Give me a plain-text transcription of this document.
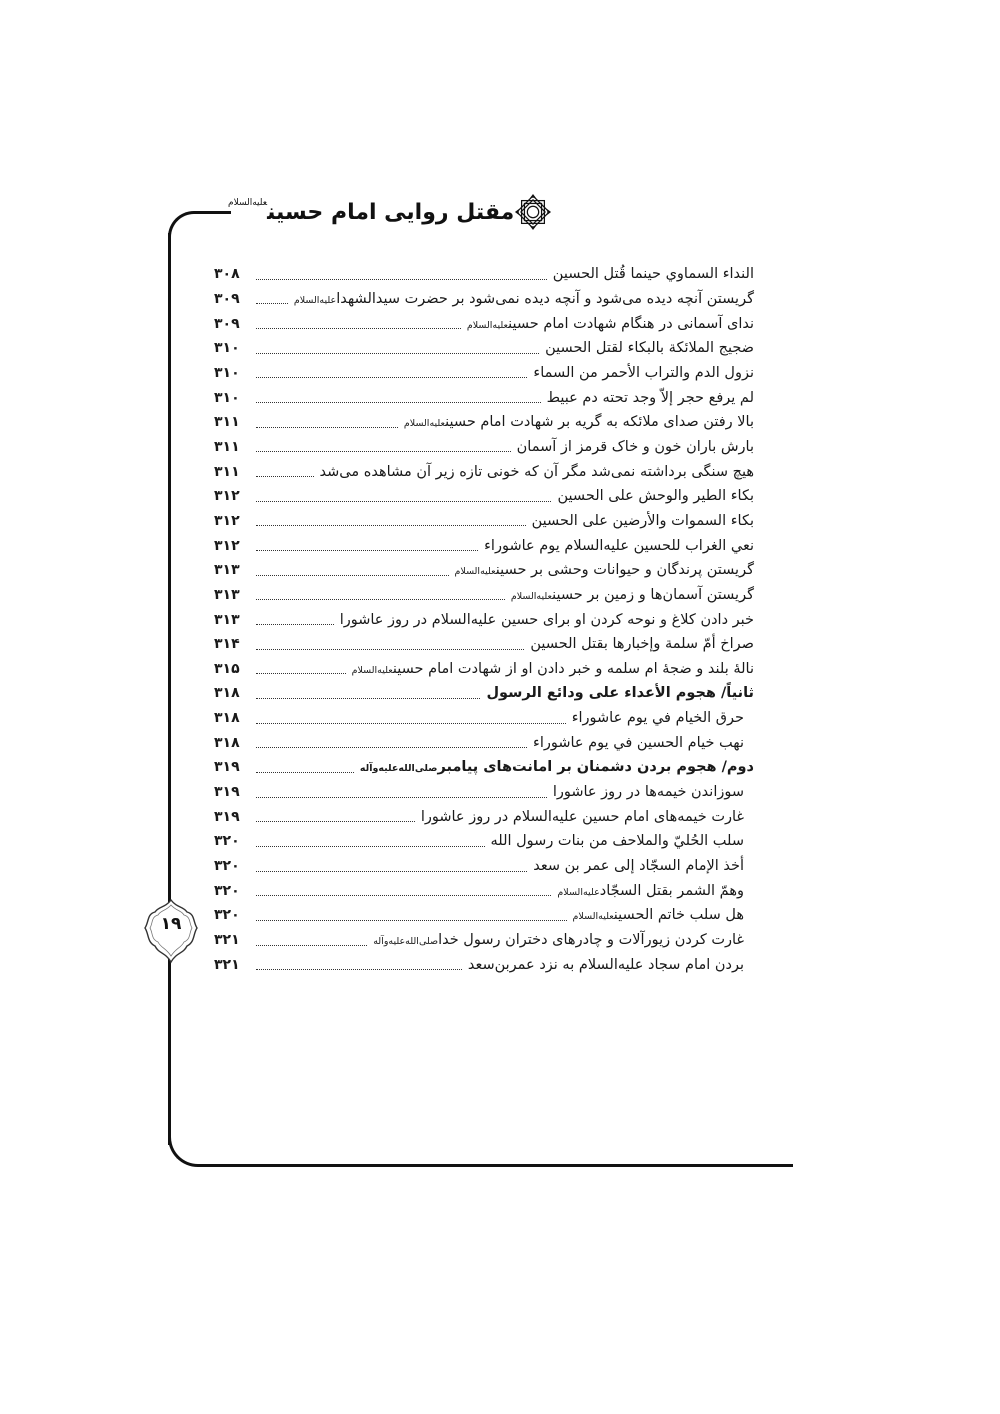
مقتل روایی امام حسین$^{علیه‌السلام}$
النداء السماوي حينما قُتل الحسين
۳۰۸
گریستن آنچه دیده می‌شود و آنچه دیده نمی‌شود بر حضرت سیدالشهداعلیه‌السلام
۳۰۹
ندای آسمانی در هنگام شهادت امام حسینعلیه‌السلام
۳۰۹
ضجيج الملائكة بالبكاء لقتل الحسين
۳۱۰
نزول الدم والتراب الأحمر من السماء
۳۱۰
لم يرفع حجر إلاّ وجد تحته دم عبيط
۳۱۰
بالا رفتن صدای ملائکه به گریه بر شهادت امام حسینعلیه‌السلام
۳۱۱
بارش باران خون و خاک قرمز از آسمان
۳۱۱
هیچ سنگی برداشته نمی‌شد مگر آن که خونی تازه زیر آن مشاهده می‌شد
۳۱۱
بكاء الطير والوحش على الحسين
۳۱۲
بكاء السموات والأرضين على الحسين
۳۱۲
نعي الغراب للحسين عليه‌السلام يوم عاشوراء
۳۱۲
گریستن پرندگان و حیوانات وحشی بر حسینعلیه‌السلام
۳۱۳
گریستن آسمان‌ها و زمین بر حسینعلیه‌السلام
۳۱۳
خبر دادن کلاغ و نوحه کردن او برای حسین علیه‌السلام در روز عاشورا
۳۱۳
صراخ أمّ سلمة وإخبارها بقتل الحسين
۳۱۴
نالهٔ بلند و ضجهٔ ام سلمه و خبر دادن او از شهادت امام حسینعلیه‌السلام
۳۱۵
ثانياً/ هجوم الأعداء على ودائع الرسول
۳۱۸
حرق الخيام في يوم عاشوراء
۳۱۸
نهب خيام الحسين في يوم عاشوراء
۳۱۸
دوم/ هجوم بردن دشمنان بر امانت‌های پیامبرصلی‌الله‌علیه‌وآله
۳۱۹
سوزاندن خیمه‌ها در روز عاشورا
۳۱۹
غارت خیمه‌های امام حسین علیه‌السلام در روز عاشورا
۳۱۹
سلب الحُليّ والملاحف من بنات رسول الله
۳۲۰
أخذ الإمام السجّاد إلى عمر بن سعد
۳۲۰
وهمّ الشمر بقتل السجّادعليه‌السلام
۳۲۰
هل سلب خاتم الحسينعليه‌السلام
۳۲۰
غارت کردن زیورآلات و چادرهای دختران رسول خداصلی‌الله‌علیه‌وآله
۳۲۱
بردن امام سجاد علیه‌السلام به نزد عمربن‌سعد
۳۲۱
۱۹
